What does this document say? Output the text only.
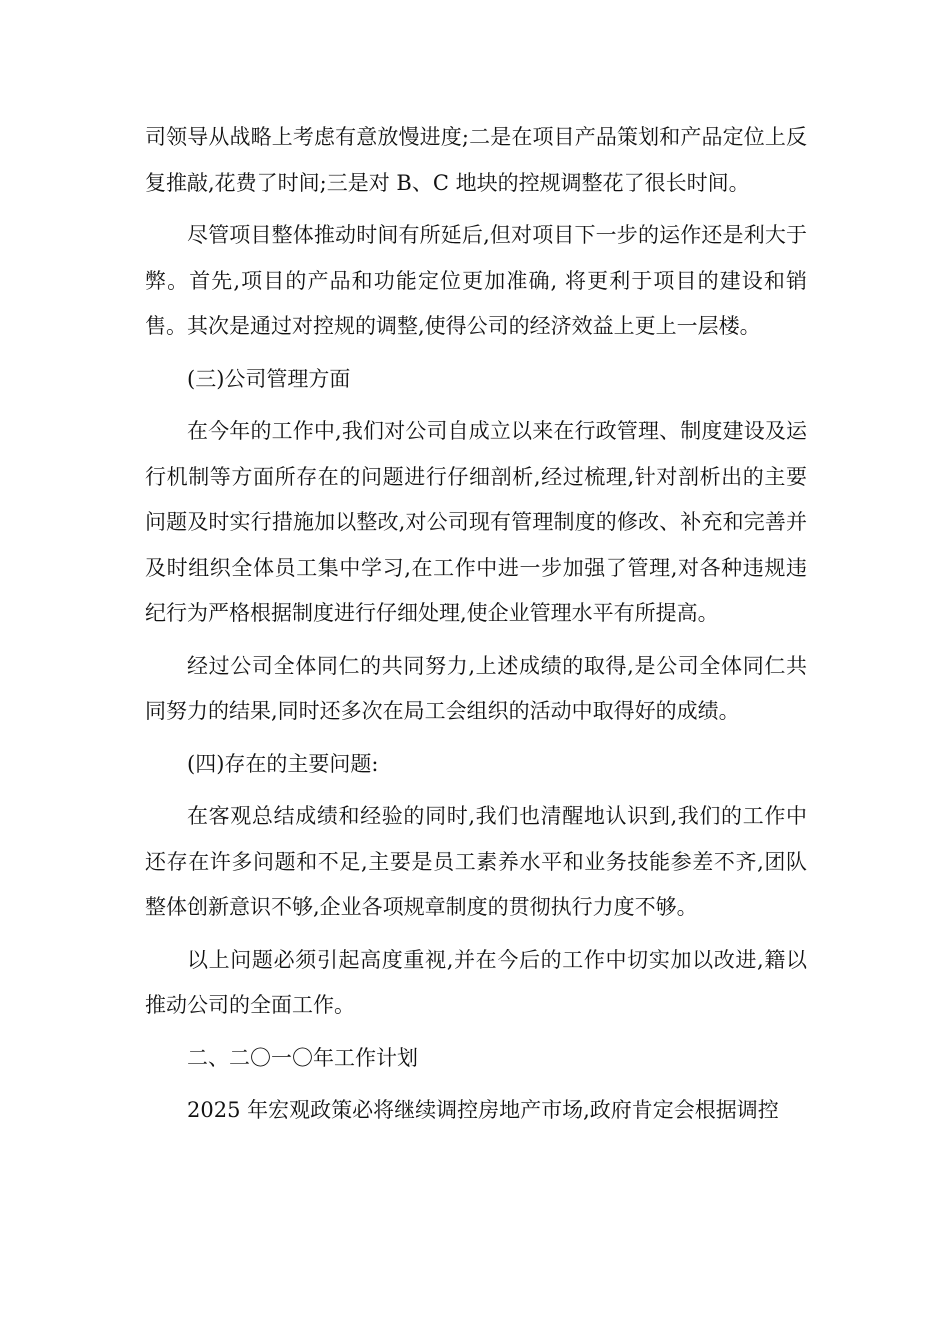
司领导从战略上考虑有意放慢进度;二是在项目产品策划和产品定位上反复推敲,花费了时间;三是对 B、C 地块的控规调整花了很长时间。

尽管项目整体推动时间有所延后,但对项目下一步的运作还是利大于弊。首先,项目的产品和功能定位更加准确, 将更利于项目的建设和销售。其次是通过对控规的调整,使得公司的经济效益上更上一层楼。

(三)公司管理方面

在今年的工作中,我们对公司自成立以来在行政管理、制度建设及运行机制等方面所存在的问题进行仔细剖析,经过梳理,针对剖析出的主要问题及时实行措施加以整改,对公司现有管理制度的修改、补充和完善并及时组织全体员工集中学习,在工作中进一步加强了管理,对各种违规违纪行为严格根据制度进行仔细处理,使企业管理水平有所提高。

经过公司全体同仁的共同努力,上述成绩的取得,是公司全体同仁共同努力的结果,同时还多次在局工会组织的活动中取得好的成绩。

(四)存在的主要问题:

在客观总结成绩和经验的同时,我们也清醒地认识到,我们的工作中还存在许多问题和不足,主要是员工素养水平和业务技能参差不齐,团队整体创新意识不够,企业各项规章制度的贯彻执行力度不够。

以上问题必须引起高度重视,并在今后的工作中切实加以改进,籍以推动公司的全面工作。

二、二〇一〇年工作计划

2025 年宏观政策必将继续调控房地产市场,政府肯定会根据调控
